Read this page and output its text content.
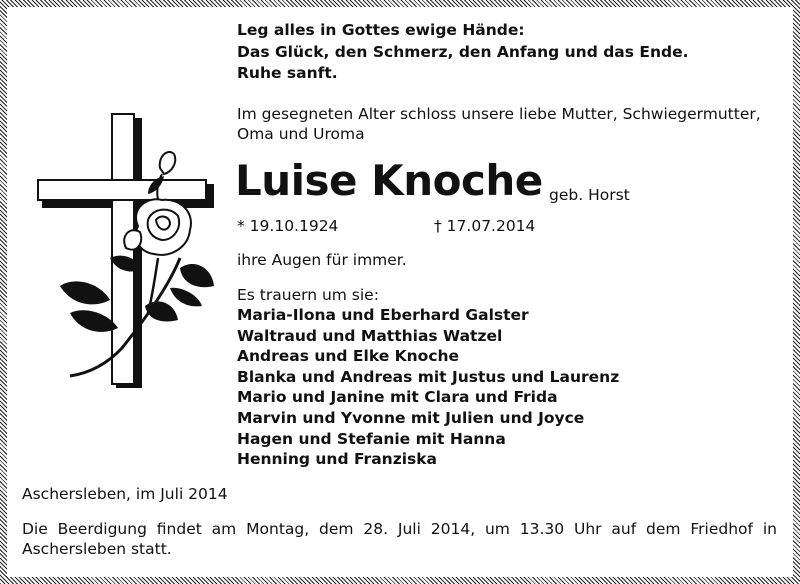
Leg alles in Gottes ewige Hände:
Das Glück, den Schmerz, den Anfang und das Ende.
Ruhe sanft.
Im gesegneten Alter schloss unsere liebe Mutter, Schwiegermutter,
Oma und Uroma
Luise Knoche geb. Horst
* 19.10.1924	† 17.07.2014
ihre Augen für immer.
Es trauern um sie:
Maria-Ilona und Eberhard Galster
Waltraud und Matthias Watzel
Andreas und Elke Knoche
Blanka und Andreas mit Justus und Laurenz
Mario und Janine mit Clara und Frida
Marvin und Yvonne mit Julien und Joyce
Hagen und Stefanie mit Hanna
Henning und Franziska
Aschersleben, im Juli 2014
Die Beerdigung findet am Montag, dem 28. Juli 2014, um 13.30 Uhr auf dem Friedhof in Aschersleben statt.
